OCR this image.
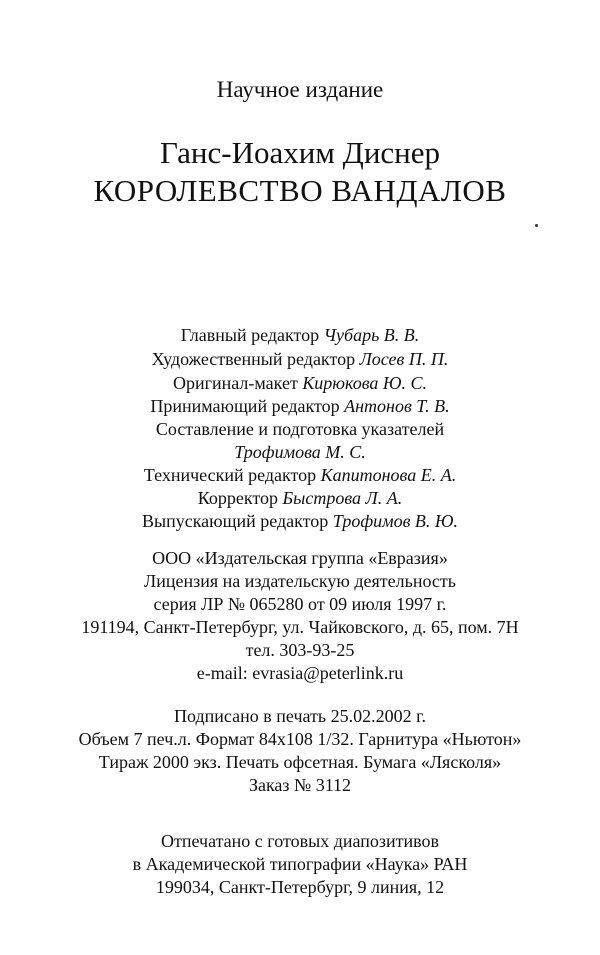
Научное издание
Ганс-Иоахим Диснер
КОРОЛЕВСТВО ВАНДАЛОВ
Главный редактор Чубарь В. В.
Художественный редактор Лосев П. П.
Оригинал-макет Кирюкова Ю. С.
Принимающий редактор Антонов Т. В.
Составление и подготовка указателей
Трофимова М. С.
Технический редактор Капитонова Е. А.
Корректор Быстрова Л. А.
Выпускающий редактор Трофимов В. Ю.
ООО «Издательская группа «Евразия»
Лицензия на издательскую деятельность
серия ЛР № 065280 от 09 июля 1997 г.
191194, Санкт-Петербург, ул. Чайковского, д. 65, пом. 7Н
тел. 303-93-25
e-mail: evrasia@peterlink.ru
Подписано в печать 25.02.2002 г.
Объем 7 печ.л. Формат 84x108 1/32. Гарнитура «Ньютон»
Тираж 2000 экз. Печать офсетная. Бумага «Лясколя»
Заказ № 3112
Отпечатано с готовых диапозитивов
в Академической типографии «Наука» РАН
199034, Санкт-Петербург, 9 линия, 12
